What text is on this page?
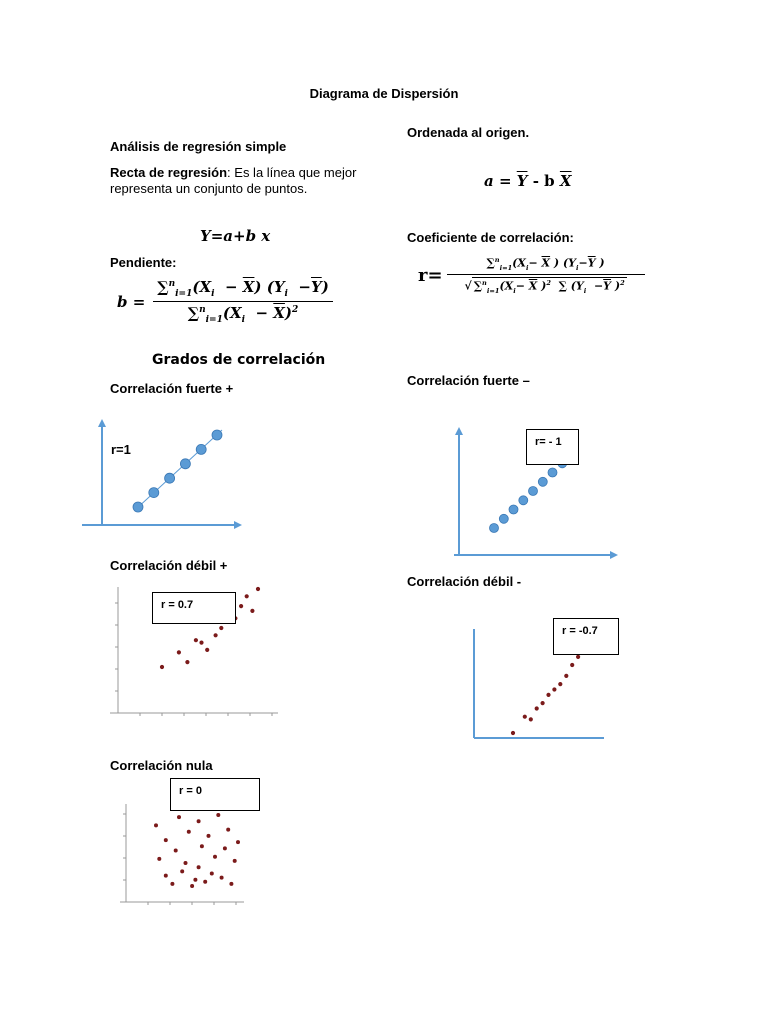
Diagrama de Dispersión
Análisis de regresión simple
Recta de regresión: Es la línea que mejor representa un conjunto de puntos.
Y=a+b x
Pendiente:
$b = \frac{\sum^n_{i=1}(X_i - \overline{X}) (Y_i -\overline{Y})}{\sum^n_{i=1}(X_i - \overline{X})^2}$
Grados de correlación
Correlación fuerte +
r=1
Correlación débil +
r = 0.7
Correlación nula
r = 0
Ordenada al origen.
$a = \overline{Y} - b$ $\overline{X}$
Coeficiente de correlación:
$r= \frac{\sum^n_{i=1}(X_i- \overline{X} ) (Y_i-\overline{Y} )}{√ \sum^n_{i=1}(X_i- \overline{X} )^2 \sum (Y_i -\overline{Y} )^2}$
Correlación fuerte –
r= - 1
Correlación débil -
r = -0.7
